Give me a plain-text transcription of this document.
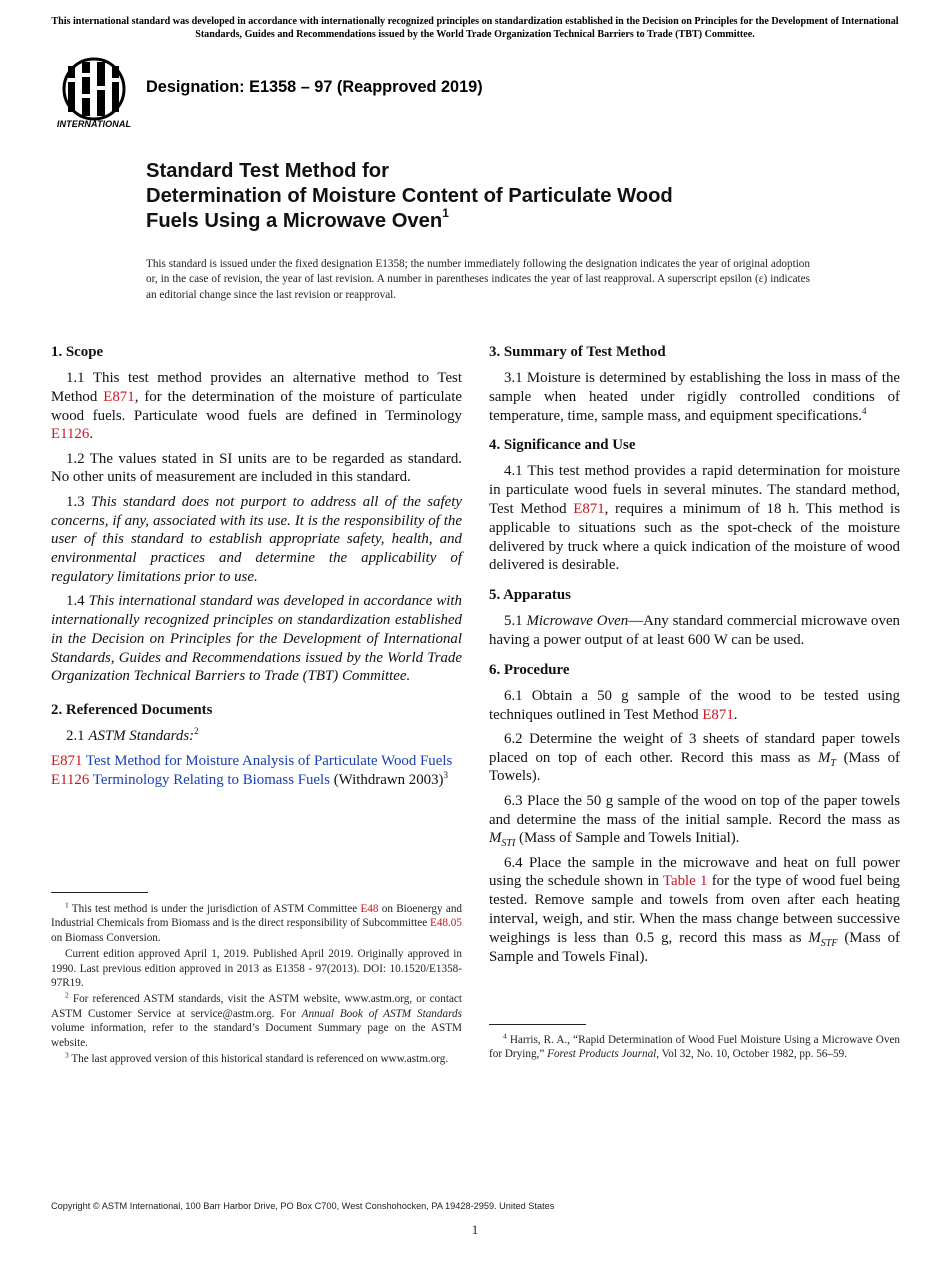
This international standard was developed in accordance with internationally recognized principles on standardization established in the Decision on Principles for the Development of International Standards, Guides and Recommendations issued by the World Trade Organization Technical Barriers to Trade (TBT) Committee.
INTERNATIONAL
Designation: E1358 – 97 (Reapproved 2019)
Standard Test Method for
Determination of Moisture Content of Particulate Wood
Fuels Using a Microwave Oven$^1$
This standard is issued under the fixed designation E1358; the number immediately following the designation indicates the year of original adoption or, in the case of revision, the year of last revision. A number in parentheses indicates the year of last reapproval. A superscript epsilon (ε) indicates an editorial change since the last revision or reapproval.
1. Scope

1.1 This test method provides an alternative method to Test Method E871, for the determination of the moisture of particulate wood fuels. Particulate wood fuels are defined in Terminology E1126.

1.2 The values stated in SI units are to be regarded as standard. No other units of measurement are included in this standard.

1.3 This standard does not purport to address all of the safety concerns, if any, associated with its use. It is the responsibility of the user of this standard to establish appropriate safety, health, and environmental practices and determine the applicability of regulatory limitations prior to use.

1.4 This international standard was developed in accordance with internationally recognized principles on standardization established in the Decision on Principles for the Development of International Standards, Guides and Recommendations issued by the World Trade Organization Technical Barriers to Trade (TBT) Committee.

2. Referenced Documents

2.1 ASTM Standards:$^2$

E871 Test Method for Moisture Analysis of Particulate Wood Fuels
E1126 Terminology Relating to Biomass Fuels (Withdrawn 2003)$^3$

$^1$ This test method is under the jurisdiction of ASTM Committee E48 on Bioenergy and Industrial Chemicals from Biomass and is the direct responsibility of Subcommittee E48.05 on Biomass Conversion.

Current edition approved April 1, 2019. Published April 2019. Originally approved in 1990. Last previous edition approved in 2013 as E1358 - 97(2013). DOI: 10.1520/E1358-97R19.

$^2$ For referenced ASTM standards, visit the ASTM website, www.astm.org, or contact ASTM Customer Service at service@astm.org. For Annual Book of ASTM Standards volume information, refer to the standard’s Document Summary page on the ASTM website.

$^3$ The last approved version of this historical standard is referenced on www.astm.org.

3. Summary of Test Method

3.1 Moisture is determined by establishing the loss in mass of the sample when heated under rigidly controlled conditions of temperature, time, sample mass, and equipment specifications.$^4$

4. Significance and Use

4.1 This test method provides a rapid determination for moisture in particulate wood fuels in several minutes. The standard method, Test Method E871, requires a minimum of 18 h. This method is applicable to situations such as the spot-check of the moisture delivered by truck where a quick indication of the moisture of wood delivered is desirable.

5. Apparatus

5.1 Microwave Oven—Any standard commercial microwave oven having a power output of at least 600 W can be used.

6. Procedure

6.1 Obtain a 50 g sample of the wood to be tested using techniques outlined in Test Method E871.

6.2 Determine the weight of 3 sheets of standard paper towels placed on top of each other. Record this mass as $M_T$ (Mass of Towels).

6.3 Place the 50 g sample of the wood on top of the paper towels and determine the mass of the initial sample. Record the mass as $M_{STI}$ (Mass of Sample and Towels Initial).

6.4 Place the sample in the microwave and heat on full power using the schedule shown in Table 1 for the type of wood fuel being tested. Remove sample and towels from oven after each heating interval, weigh, and stir. When the mass change between successive weighings is less than 0.5 g, record this mass as $M_{STF}$ (Mass of Sample and Towels Final).

$^4$ Harris, R. A., “Rapid Determination of Wood Fuel Moisture Using a Microwave Oven for Drying,” Forest Products Journal, Vol 32, No. 10, October 1982, pp. 56–59.

Copyright © ASTM International, 100 Barr Harbor Drive, PO Box C700, West Conshohocken, PA 19428-2959. United States
1
